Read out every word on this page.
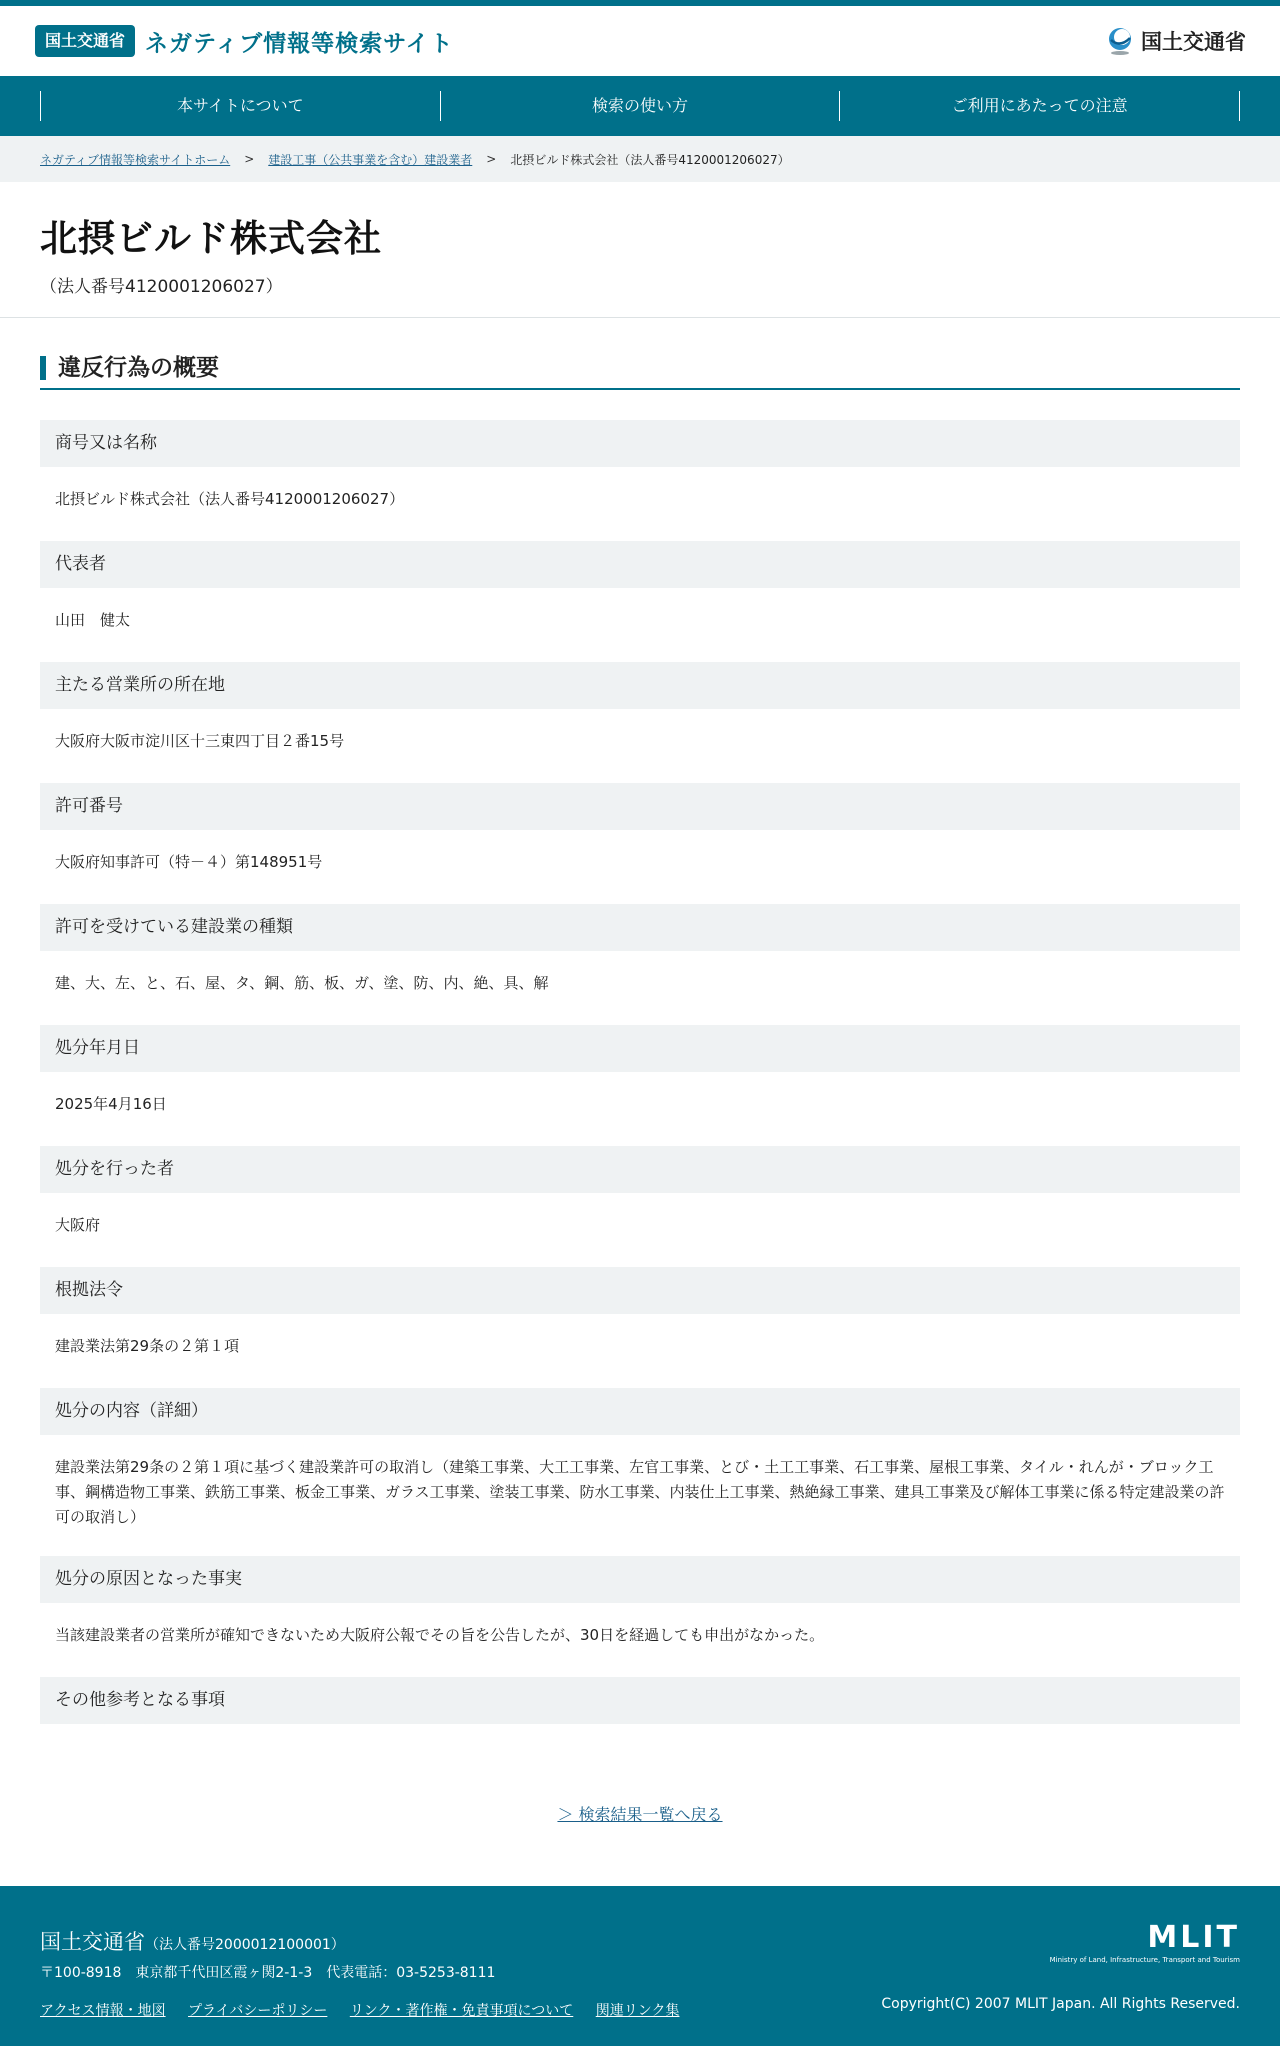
国土交通省 ネガティブ情報等検索サイト	国土交通省
本サイトについて	検索の使い方	ご利用にあたっての注意
ネガティブ情報等検索サイトホーム > 建設工事（公共事業を含む）建設業者 > 北摂ビルド株式会社（法人番号4120001206027）
北摂ビルド株式会社
（法人番号4120001206027）
違反行為の概要
商号又は名称
北摂ビルド株式会社（法人番号4120001206027）
代表者
山田　健太
主たる営業所の所在地
大阪府大阪市淀川区十三東四丁目２番15号
許可番号
大阪府知事許可（特－４）第148951号
許可を受けている建設業の種類
建、大、左、と、石、屋、タ、鋼、筋、板、ガ、塗、防、内、絶、具、解
処分年月日
2025年4月16日
処分を行った者
大阪府
根拠法令
建設業法第29条の２第１項
処分の内容（詳細）
建設業法第29条の２第１項に基づく建設業許可の取消し（建築工事業、大工工事業、左官工事業、とび・土工工事業、石工事業、屋根工事業、タイル・れんが・ブロック工事、鋼構造物工事業、鉄筋工事業、板金工事業、ガラス工事業、塗装工事業、防水工事業、内装仕上工事業、熱絶縁工事業、建具工事業及び解体工事業に係る特定建設業の許可の取消し）
処分の原因となった事実
当該建設業者の営業所が確知できないため大阪府公報でその旨を公告したが、30日を経過しても申出がなかった。
その他参考となる事項
＞ 検索結果一覧へ戻る
国土交通省（法人番号2000012100001）
〒100-8918　東京都千代田区霞ヶ関2-1-3　代表電話：03-5253-8111
アクセス情報・地図 プライバシーポリシー リンク・著作権・免責事項について 関連リンク集
MLIT
Ministry of Land, Infrastructure, Transport and Tourism
Copyright(C) 2007 MLIT Japan. All Rights Reserved.
